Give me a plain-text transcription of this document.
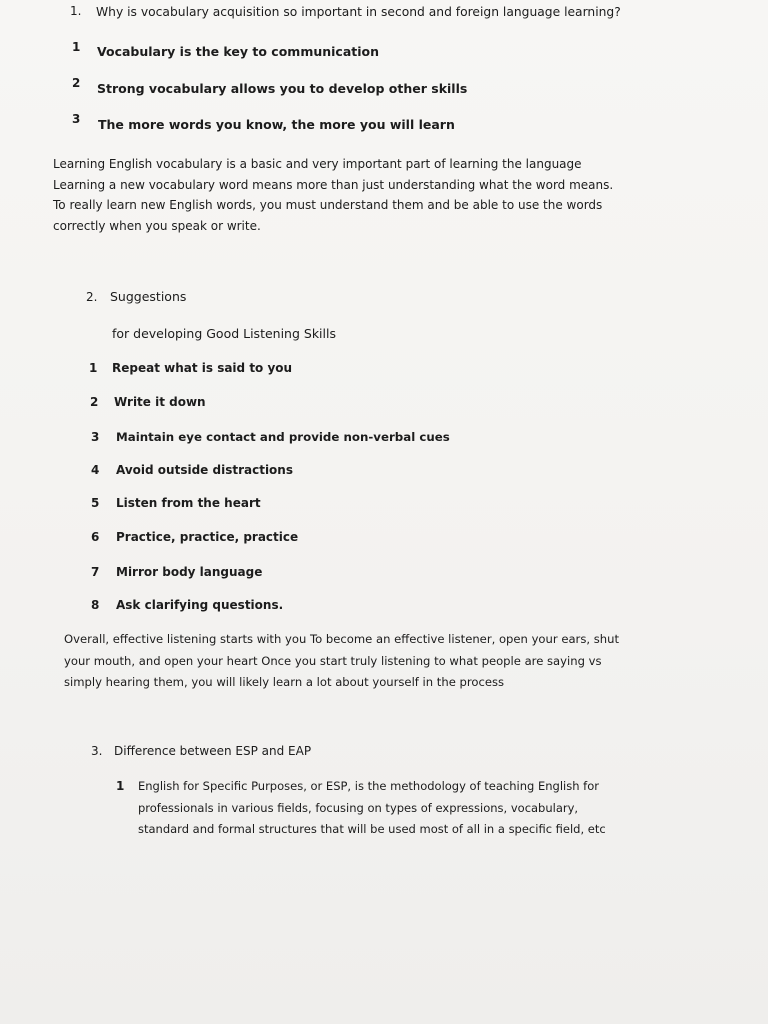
1. Why is vocabulary acquisition so important in second and foreign language learning?
1 Vocabulary is the key to communication
2 Strong vocabulary allows you to develop other skills
3 The more words you know, the more you will learn
Learning English vocabulary is a basic and very important part of learning the language
Learning a new vocabulary word means more than just understanding what the word means.
To really learn new English words, you must understand them and be able to use the words
correctly when you speak or write.
2. Suggestions
for developing Good Listening Skills
1 Repeat what is said to you
2 Write it down
3 Maintain eye contact and provide non-verbal cues
4 Avoid outside distractions
5 Listen from the heart
6 Practice, practice, practice
7 Mirror body language
8 Ask clarifying questions.
Overall, effective listening starts with you To become an effective listener, open your ears, shut
your mouth, and open your heart Once you start truly listening to what people are saying vs
simply hearing them, you will likely learn a lot about yourself in the process
3. Difference between ESP and EAP
1 English for Specific Purposes, or ESP, is the methodology of teaching English for
professionals in various fields, focusing on types of expressions, vocabulary,
standard and formal structures that will be used most of all in a specific field, etc
